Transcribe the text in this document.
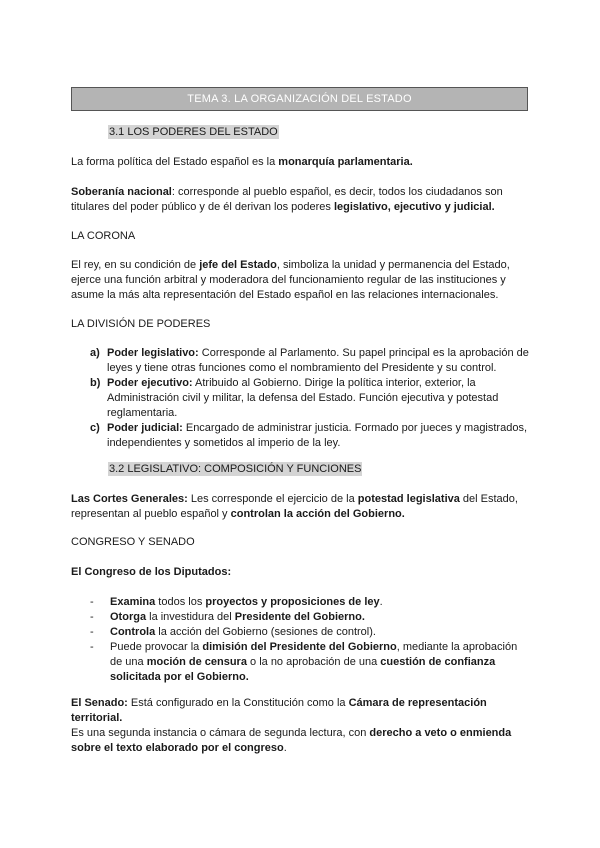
TEMA 3. LA ORGANIZACIÓN DEL ESTADO
3.1 LOS PODERES DEL ESTADO

La forma política del Estado español es la monarquía parlamentaria.

Soberanía nacional: corresponde al pueblo español, es decir, todos los ciudadanos son titulares del poder público y de él derivan los poderes legislativo, ejecutivo y judicial.

LA CORONA

El rey, en su condición de jefe del Estado, simboliza la unidad y permanencia del Estado, ejerce una función arbitral y moderadora del funcionamiento regular de las instituciones y asume la más alta representación del Estado español en las relaciones internacionales.

LA DIVISIÓN DE PODERES
a) Poder legislativo: Corresponde al Parlamento. Su papel principal es la aprobación de leyes y tiene otras funciones como el nombramiento del Presidente y su control.
b) Poder ejecutivo: Atribuido al Gobierno. Dirige la política interior, exterior, la Administración civil y militar, la defensa del Estado. Función ejecutiva y potestad reglamentaria.
c) Poder judicial: Encargado de administrar justicia. Formado por jueces y magistrados, independientes y sometidos al imperio de la ley.
3.2 LEGISLATIVO: COMPOSICIÓN Y FUNCIONES

Las Cortes Generales: Les corresponde el ejercicio de la potestad legislativa del Estado, representan al pueblo español y controlan la acción del Gobierno.

CONGRESO Y SENADO
El Congreso de los Diputados:
- Examina todos los proyectos y proposiciones de ley.
- Otorga la investidura del Presidente del Gobierno.
- Controla la acción del Gobierno (sesiones de control).
- Puede provocar la dimisión del Presidente del Gobierno, mediante la aprobación de una moción de censura o la no aprobación de una cuestión de confianza solicitada por el Gobierno.

El Senado: Está configurado en la Constitución como la Cámara de representación territorial.

Es una segunda instancia o cámara de segunda lectura, con derecho a veto o enmienda sobre el texto elaborado por el congreso.
